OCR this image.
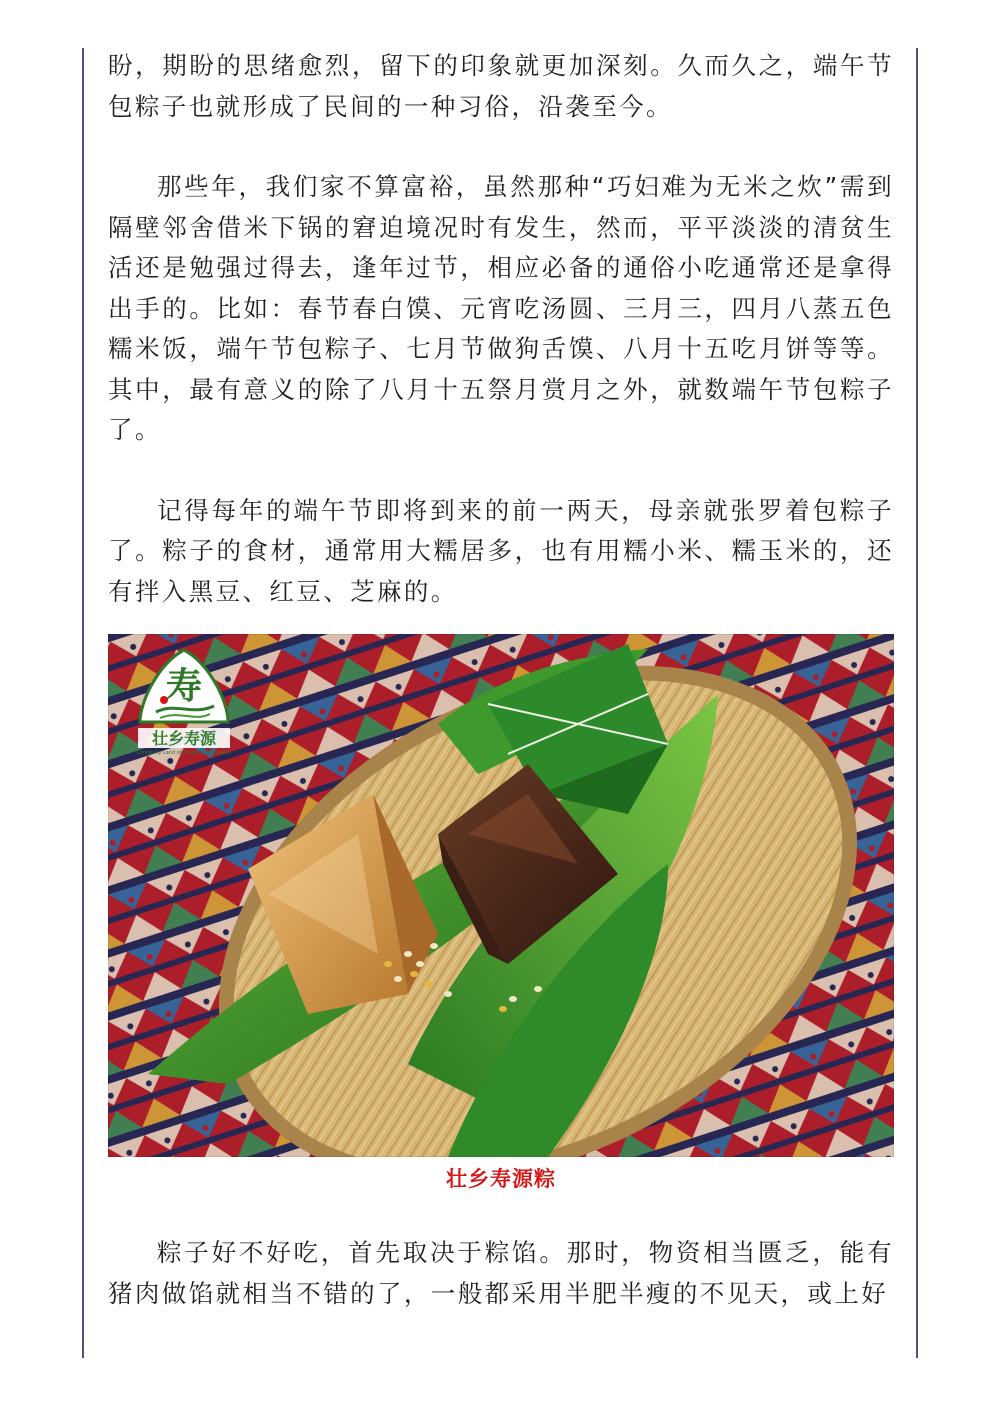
盼，期盼的思绪愈烈，留下的印象就更加深刻。久而久之，端午节包粽子也就形成了民间的一种习俗，沿袭至今。

那些年，我们家不算富裕，虽然那种“巧妇难为无米之炊”需到隔壁邻舍借米下锅的窘迫境况时有发生，然而，平平淡淡的清贫生活还是勉强过得去，逢年过节，相应必备的通俗小吃通常还是拿得出手的。比如：春节春白馍、元宵吃汤圆、三月三，四月八蒸五色糯米饭，端午节包粽子、七月节做狗舌馍、八月十五吃月饼等等。其中，最有意义的除了八月十五祭月赏月之外，就数端午节包粽子了。

记得每年的端午节即将到来的前一两天，母亲就张罗着包粽子了。粽子的食材，通常用大糯居多，也有用糯小米、糯玉米的，还有拌入黑豆、红豆、芝麻的。

寿
壮乡寿源
Longevity Land of Zhuang Nationality

壮乡寿源粽

粽子好不好吃，首先取决于粽馅。那时，物资相当匮乏，能有猪肉做馅就相当不错的了，一般都采用半肥半瘦的不见天，或上好
